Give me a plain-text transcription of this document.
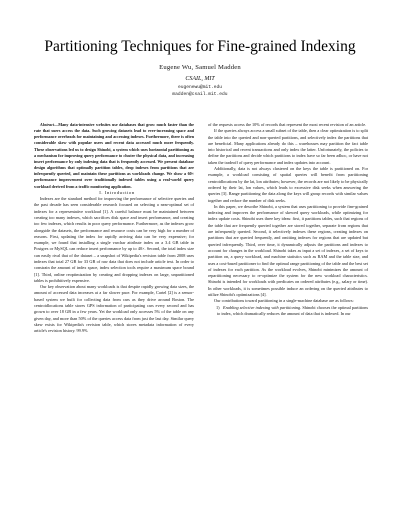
Partitioning Techniques for Fine-grained Indexing
Eugene Wu, Samuel Madden
CSAIL, MIT
eugenewu@mit.edu
madden@csail.mit.edu

Abstract—Many data-intensive websites use databases that grow much faster than the rate that users access the data. Such growing datasets lead to ever-increasing space and performance overheads for maintaining and accessing indexes. Furthermore, there is often considerable skew with popular users and recent data accessed much more frequently. These observations led us to design Shinobi, a system which uses horizontal partitioning as a mechanism for improving query performance to cluster the physical data, and increasing insert performance by only indexing data that is frequently accessed. We present database design algorithms that optimally partition tables, drop indexes from partitions that are infrequently queried, and maintain these partitions as workloads change. We show a 60× performance improvement over traditionally indexed tables using a real-world query workload derived from a traffic monitoring application.

I. Introduction

Indexes are the standard method for improving the performance of selective queries and the past decade has seen considerable research focused on selecting a near-optimal set of indexes for a representative workload [1]. A careful balance must be maintained between creating too many indexes, which sacrifices disk space and insert performance, and creating too few indexes, which results in poor query performance. Furthermore, as the indexes grow alongside the datasets, the performance and resource costs can be very high for a number of reasons. First, updating the index for rapidly arriving data can be very expensive; for example, we found that installing a single varchar attribute index on a 3.4 GB table in Postgres or MySQL can reduce insert performance by up to 40×. Second, the total index size can easily rival that of the dataset – a snapshot of Wikipedia's revision table from 2008 uses indexes that total 27 GB for 33 GB of raw data that does not include article text. In order to constrain the amount of index space, index selection tools require a maximum space bound [1]. Third, online reoptimization by creating and dropping indexes on large, unpartitioned tables is prohibitively expensive.

Our key observation about many workloads is that despite rapidly growing data sizes, the amount of accessed data increases at a far slower pace. For example, Cartel [2] is a sensor-based system we built for collecting data from cars as they drive around Boston. The centroidlocations table stores GPS information of participating cars every second and has grown to over 18 GB in a few years. Yet the workload only accesses 5% of the table on any given day, and more than 50% of the queries access data from just the last day. Similar query skew exists for Wikipedia's revision table, which stores metadata information of every article's revision history. 99.9%

of the requests access the 10% of records that represent the most recent revision of an article.

If the queries always access a small subset of the table, then a clear optimization is to split the table into the queried and non-queried partitions, and selectively index the partitions that are beneficial. Many applications already do this – warehouses may partition the fact table into historical and recent transactions and only index the latter. Unfortunately, the policies to define the partitions and decide which partitions to index have so far been adhoc, or have not taken the tradeoff of query performance and index updates into account.

Additionally, data is not always clustered on the keys the table is partitioned on. For example, a workload consisting of spatial queries will benefit from partitioning centroidlocations by the lat, lon attributes; however, the records are not likely to be physically ordered by their lat, lon values, which leads to excessive disk seeks when answering the queries [3]. Range partitioning the data along the keys will group records with similar values together and reduce the number of disk seeks.

In this paper, we describe Shinobi, a system that uses partitioning to provide fine-grained indexing and improves the performance of skewed query workloads, while optimizing for index update costs. Shinobi uses three key ideas: first, it partitions tables, such that regions of the table that are frequently queried together are stored together, separate from regions that are infrequently queried. Second, it selectively indexes these regions, creating indexes on partitions that are queried frequently, and omitting indexes for regions that are updated but queried infrequently. Third, over time, it dynamically adjusts the partitions and indexes to account for changes in the workload. Shinobi takes as input a set of indexes, a set of keys to partition on, a query workload, and machine statistics such as RAM and the table size, and uses a cost-based partitioner to find the optimal range partitioning of the table and the best set of indexes for each partition. As the workload evolves, Shinobi minimizes the amount of repartitioning necessary to re-optimize the system for the new workload characteristics. Shinobi is intended for workloads with predicates on ordered attributes (e.g., salary or time). In other workloads, it is sometimes possible induce an ordering on the queried attributes to utilize Shinobi's optimizations [4].

Our contributions toward partitioning in a single-machine database are as follows:

1) Enabling selective indexing with partitioning. Shinobi chooses the optimal partitions to index, which dramatically reduces the amount of data that is indexed. In our
